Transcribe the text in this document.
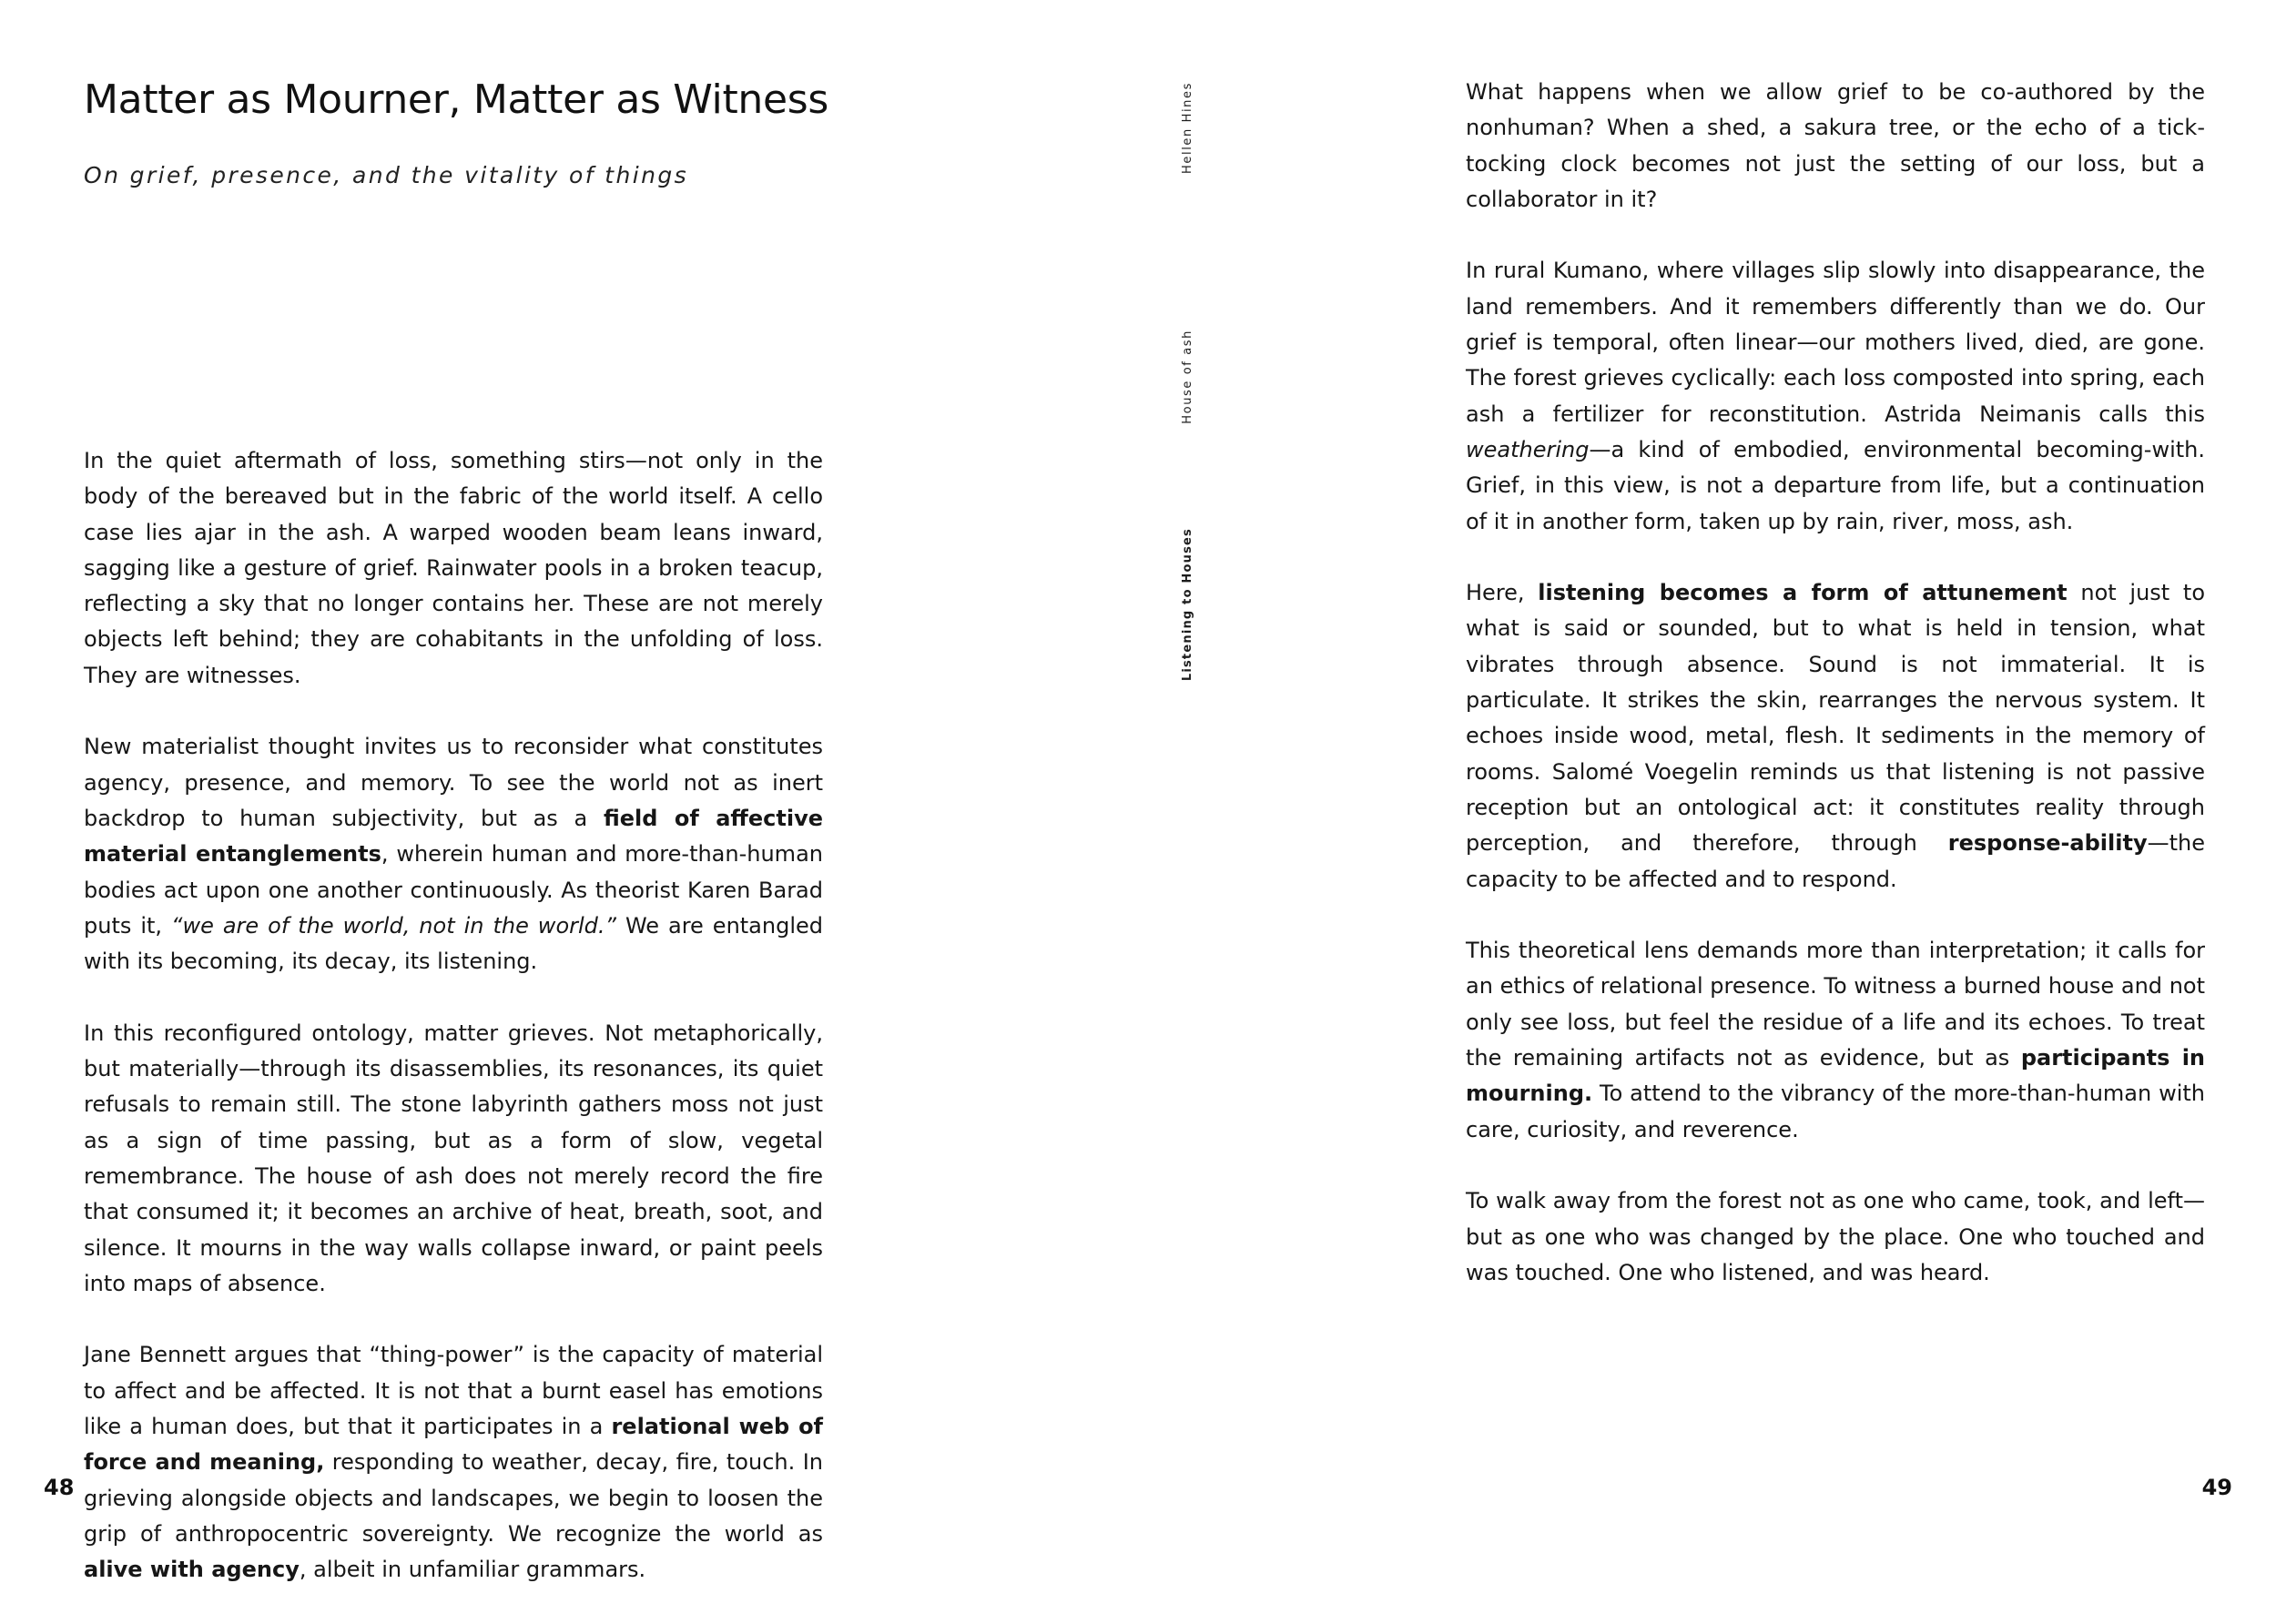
Matter as Mourner, Matter as Witness

On grief, presence, and the vitality of things

In the quiet aftermath of loss, something stirs—not only in the body of the bereaved but in the fabric of the world itself. A cello case lies ajar in the ash. A warped wooden beam leans inward, sagging like a gesture of grief. Rainwater pools in a broken teacup, reflecting a sky that no longer contains her. These are not merely objects left behind; they are cohabitants in the unfolding of loss. They are witnesses.

New materialist thought invites us to reconsider what constitutes agency, presence, and memory. To see the world not as inert backdrop to human subjectivity, but as a field of affective material entanglements, wherein human and more-than-human bodies act upon one another continuously. As theorist Karen Barad puts it, “we are of the world, not in the world.” We are entangled with its becoming, its decay, its listening.

In this reconfigured ontology, matter grieves. Not metaphorically, but materially—through its disassemblies, its resonances, its quiet refusals to remain still. The stone labyrinth gathers moss not just as a sign of time passing, but as a form of slow, vegetal remembrance. The house of ash does not merely record the fire that consumed it; it becomes an archive of heat, breath, soot, and silence. It mourns in the way walls collapse inward, or paint peels into maps of absence.

Jane Bennett argues that “thing-power” is the capacity of material to affect and be affected. It is not that a burnt easel has emotions like a human does, but that it participates in a relational web of force and meaning, responding to weather, decay, fire, touch. In grieving alongside objects and landscapes, we begin to loosen the grip of anthropocentric sovereignty. We recognize the world as alive with agency, albeit in unfamiliar grammars.

48
Hellen Hines
House of ash
Listening to Houses

What happens when we allow grief to be co-authored by the nonhuman? When a shed, a sakura tree, or the echo of a tick-tocking clock becomes not just the setting of our loss, but a collaborator in it?

In rural Kumano, where villages slip slowly into disappearance, the land remembers. And it remembers differently than we do. Our grief is temporal, often linear—our mothers lived, died, are gone. The forest grieves cyclically: each loss composted into spring, each ash a fertilizer for reconstitution. Astrida Neimanis calls this weathering—a kind of embodied, environmental becoming-with. Grief, in this view, is not a departure from life, but a continuation of it in another form, taken up by rain, river, moss, ash.

Here, listening becomes a form of attunement not just to what is said or sounded, but to what is held in tension, what vibrates through absence. Sound is not immaterial. It is particulate. It strikes the skin, rearranges the nervous system. It echoes inside wood, metal, flesh. It sediments in the memory of rooms. Salomé Voegelin reminds us that listening is not passive reception but an ontological act: it constitutes reality through perception, and therefore, through response-ability—the capacity to be affected and to respond.

This theoretical lens demands more than interpretation; it calls for an ethics of relational presence. To witness a burned house and not only see loss, but feel the residue of a life and its echoes. To treat the remaining artifacts not as evidence, but as participants in mourning. To attend to the vibrancy of the more-than-human with care, curiosity, and reverence.

To walk away from the forest not as one who came, took, and left—but as one who was changed by the place. One who touched and was touched. One who listened, and was heard.

49
